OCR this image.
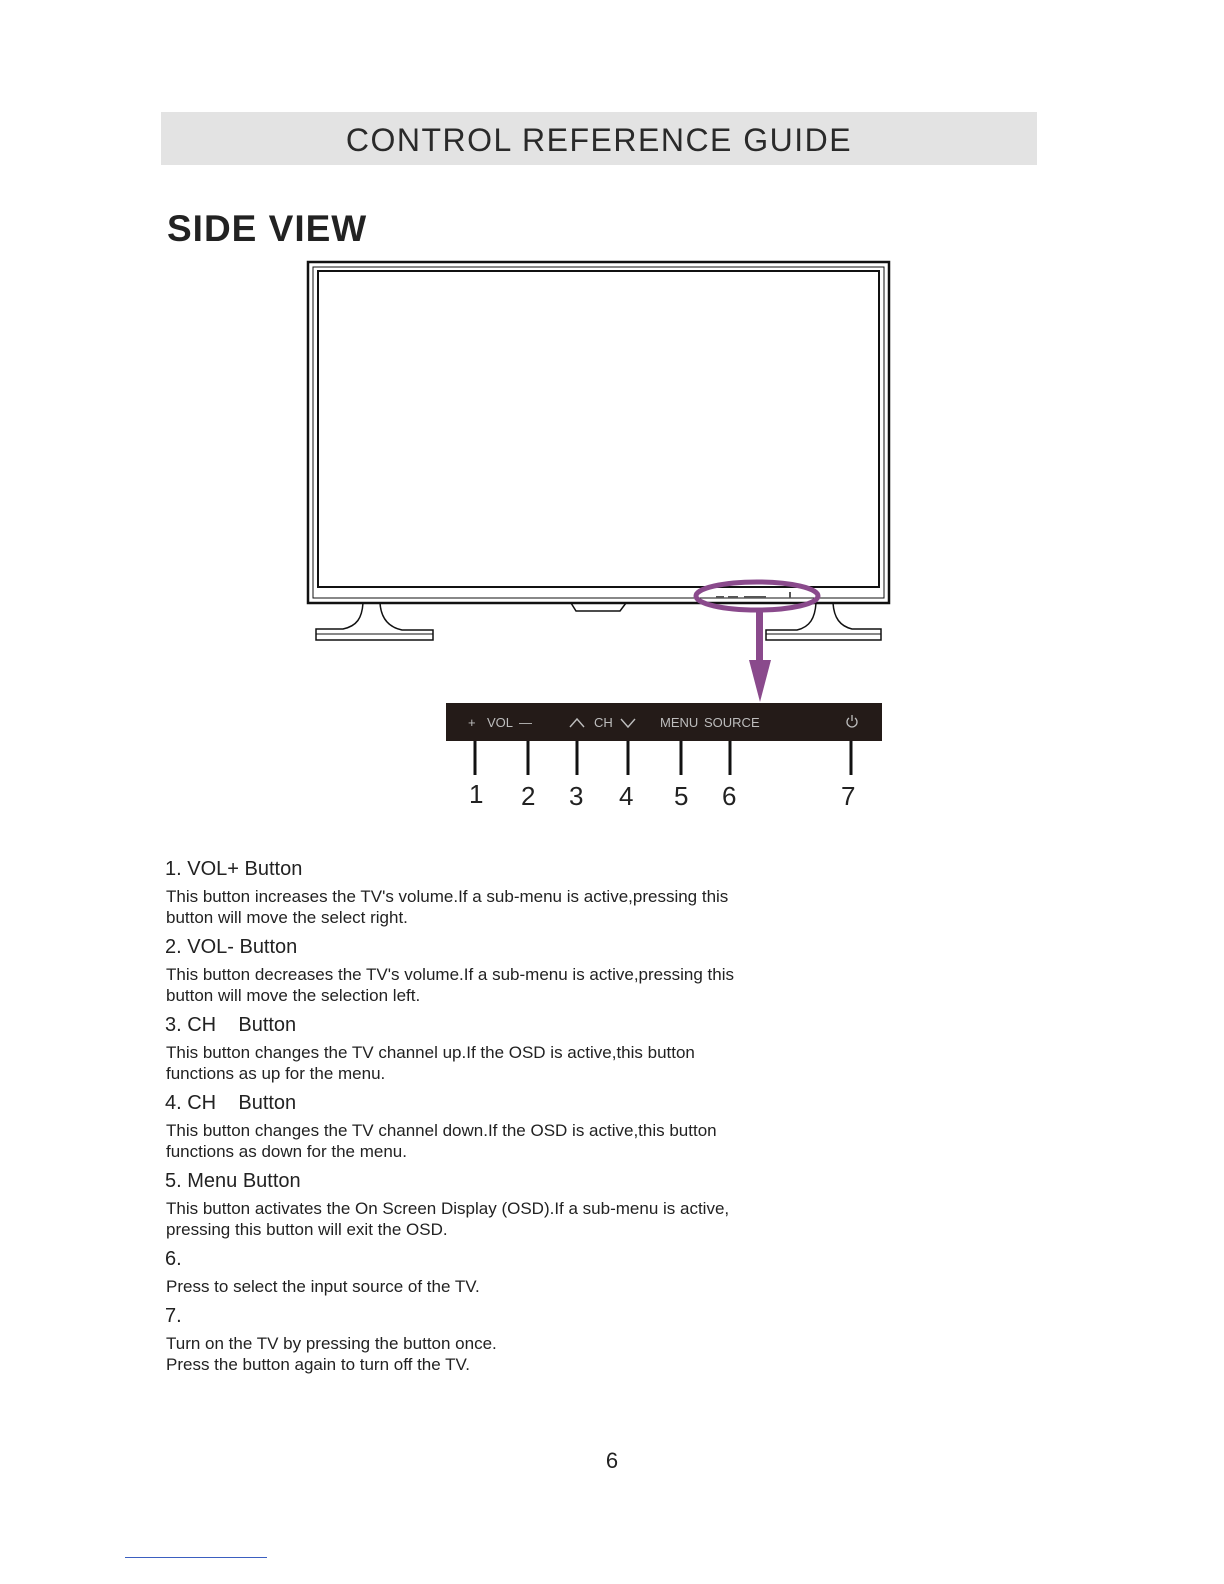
CONTROL REFERENCE GUIDE
SIDE VIEW
+ VOL —	CH	MENU SOURCE
1 2 3 4 5 6	7
1. VOL+ Button
This button increases the TV's volume.If a sub-menu is active,pressing this
button will move the select right.
2. VOL- Button
This button decreases the TV's volume.If a sub-menu is active,pressing this
button will move the selection left.
3. CH    Button
This button changes the TV channel up.If the OSD is active,this button
functions as up for the menu.
4. CH    Button
This button changes the TV channel down.If the OSD is active,this button
functions as down for the menu.
5. Menu Button
This button activates the On Screen Display (OSD).If a sub-menu is active,
pressing this button will exit the OSD.
6.
Press to select the input source of the TV.
7.
Turn on the TV by pressing the button once.
Press the button again to turn off the TV.
6
